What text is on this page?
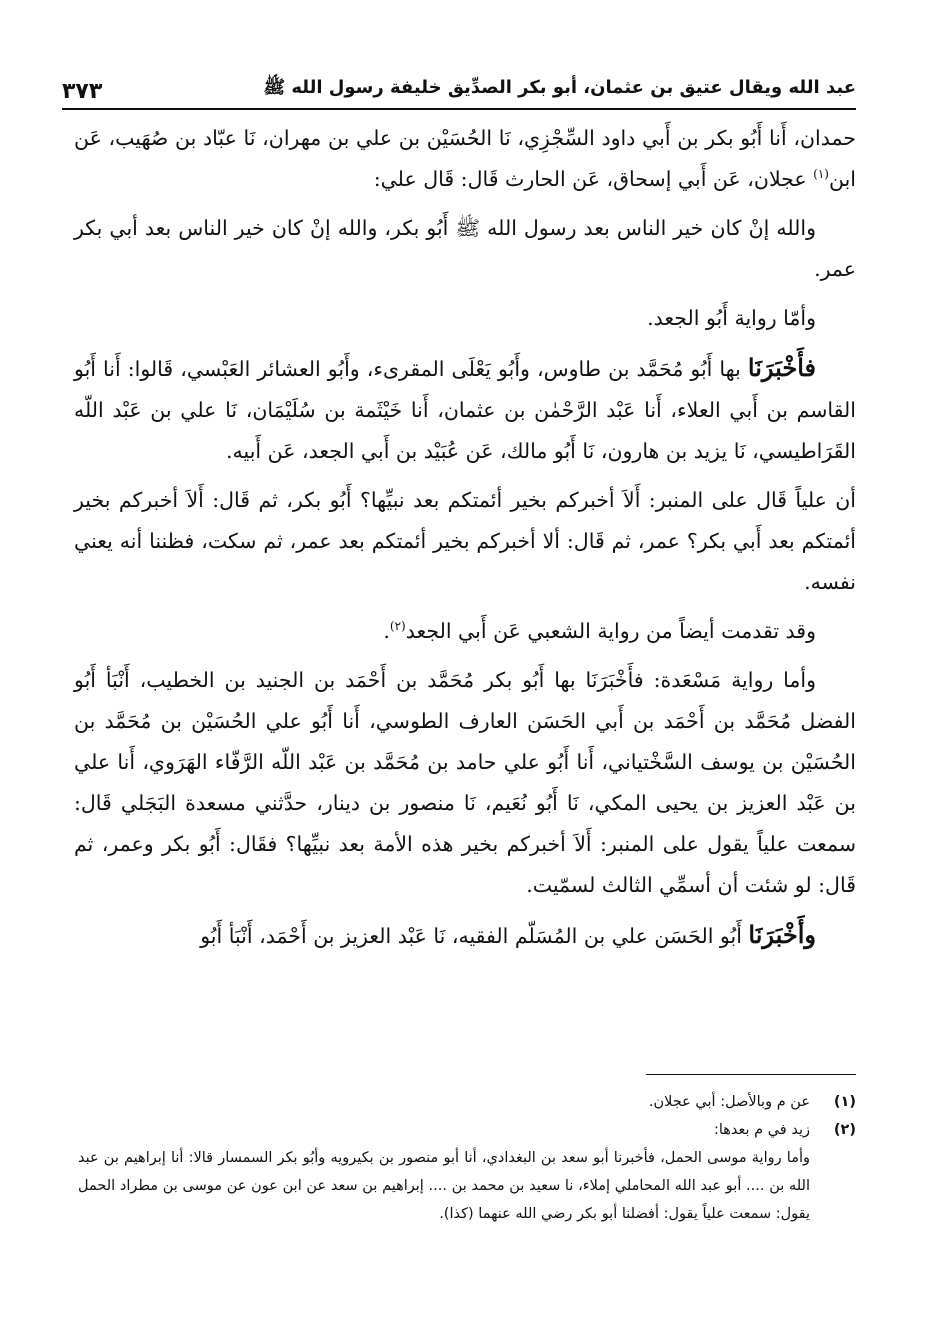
عبد الله ويقال عتيق بن عثمان، أبو بكر الصدِّيق خليفة رسول الله ﷺ
٣٧٣

حمدان، أَنا أَبُو بكر بن أَبي داود السِّجْزِي، نَا الحُسَيْن بن علي بن مهران، نَا عبّاد بن صُهَيب، عَن ابن$^{(١)}$ عجلان، عَن أَبي إسحاق، عَن الحارث قَال: قَال علي:

والله إنْ كان خير الناس بعد رسول الله ﷺ أَبُو بكر، والله إنْ كان خير الناس بعد أبي بكر عمر.

وأمّا رواية أَبُو الجعد.

فأَخْبَرَنَا بها أَبُو مُحَمَّد بن طاوس، وأَبُو يَعْلَى المقرىء، وأَبُو العشائر العَبْسي، قَالوا: أَنا أَبُو القاسم بن أَبي العلاء، أَنا عَبْد الرَّحْمٰن بن عثمان، أَنا خَيْثَمة بن سُلَيْمَان، نَا علي بن عَبْد اللّه القَرَاطيسي، نَا يزيد بن هارون، نَا أَبُو مالك، عَن عُبَيْد بن أَبي الجعد، عَن أَبيه.

أن علياً قَال على المنبر: أَلاَ أخبركم بخير أئمتكم بعد نبيِّها؟ أَبُو بكر، ثم قَال: أَلاَ أخبركم بخير أئمتكم بعد أَبي بكر؟ عمر، ثم قَال: ألا أخبركم بخير أئمتكم بعد عمر، ثم سكت، فظننا أنه يعني نفسه.

وقد تقدمت أيضاً من رواية الشعبي عَن أَبي الجعد$^{(٢)}$.

وأما رواية مَسْعَدة: فأَخْبَرَنَا بها أَبُو بكر مُحَمَّد بن أَحْمَد بن الجنيد بن الخطيب، أَنْبَأ أَبُو الفضل مُحَمَّد بن أَحْمَد بن أَبي الحَسَن العارف الطوسي، أَنا أَبُو علي الحُسَيْن بن مُحَمَّد بن الحُسَيْن بن يوسف السَّخْتياني، أَنا أَبُو علي حامد بن مُحَمَّد بن عَبْد اللّه الرَّفّاء الهَرَوي، أَنا علي بن عَبْد العزيز بن يحيى المكي، نَا أَبُو نُعَيم، نَا منصور بن دينار، حدَّثني مسعدة البَجَلي قَال: سمعت علياً يقول على المنبر: أَلاَ أخبركم بخير هذه الأمة بعد نبيِّها؟ فقَال: أَبُو بكر وعمر، ثم قَال: لو شئت أن أسمِّي الثالث لسمّيت.

وأَخْبَرَنَا أَبُو الحَسَن علي بن المُسَلّم الفقيه، نَا عَبْد العزيز بن أَحْمَد، أَنْبَأ أَبُو

(١)

عن م وبالأصل: أبي عجلان.

(٢)

زيد في م بعدها:
وأما رواية موسى الحمل، فأخبرنا أبو سعد بن البغدادي، أنا أبو منصور بن بكيرويه وأبُو بكر السمسار قالا: أنا إبراهيم بن عبد الله بن .... أبو عبد الله المحاملي إملاء، نا سعيد بن محمد بن .... إبراهيم بن سعد عن ابن عون عن موسى بن مطراد الحمل يقول: سمعت علياً يقول: أفضلنا أبو بكر رضي الله عنهما (كذا).
